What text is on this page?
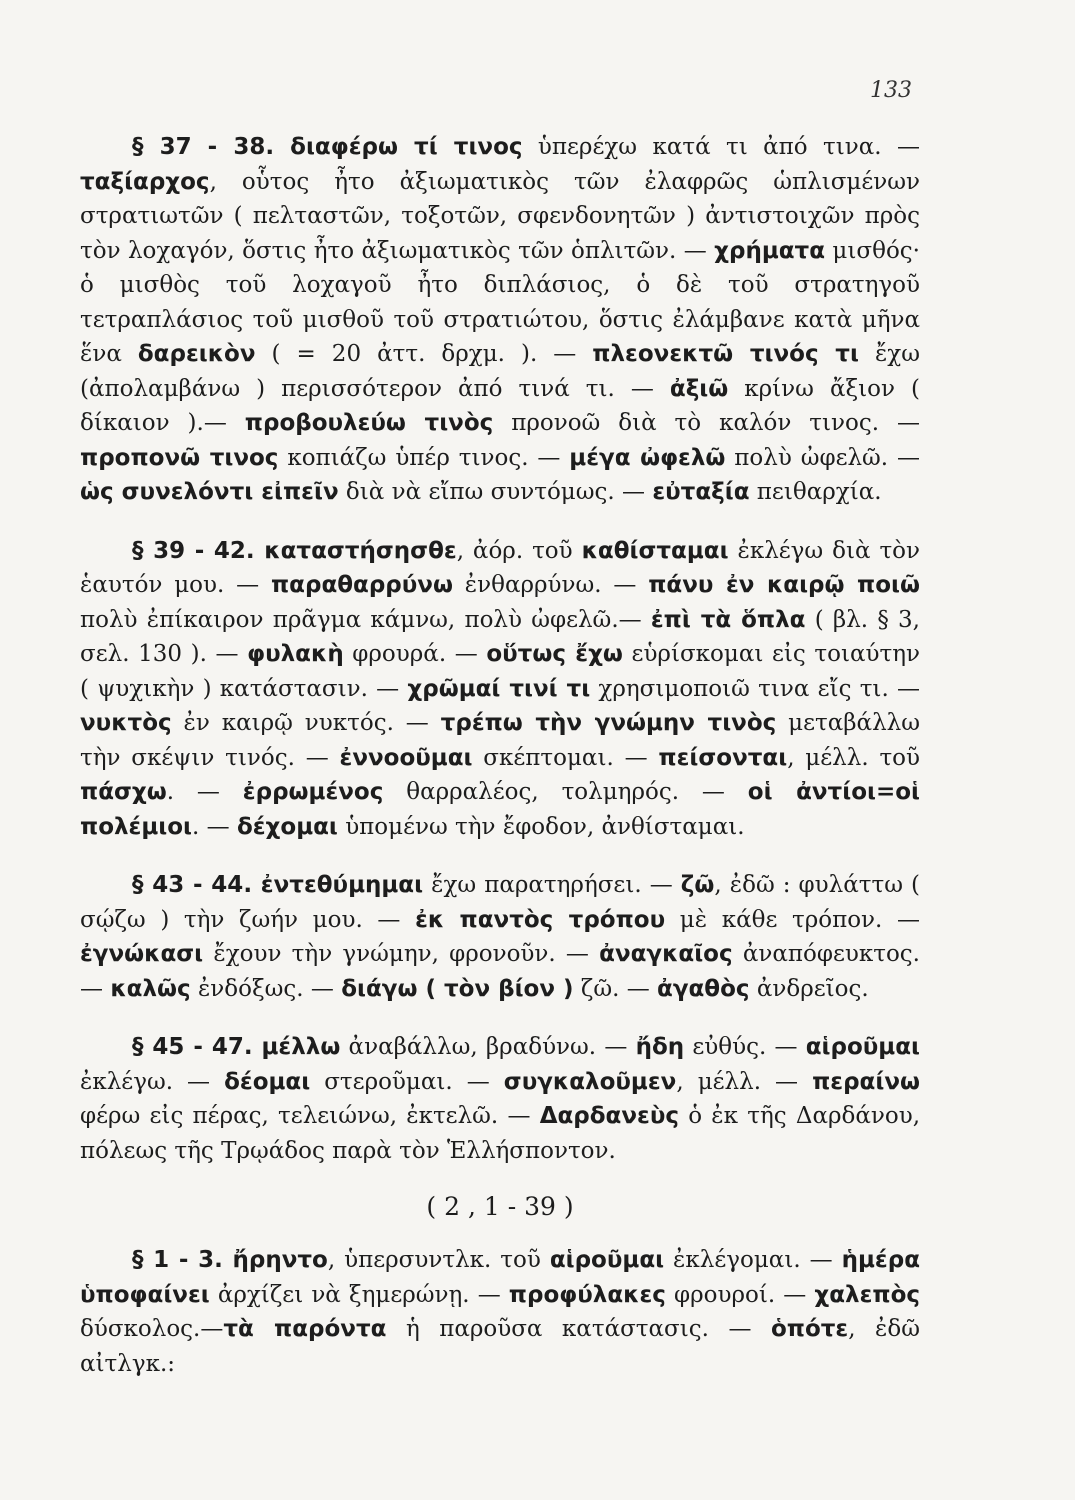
133

§ 37 - 38. διαφέρω τί τινος ὑπερέχω κατά τι ἀπό τινα. — ταξίαρχος, οὗτος ἦτο ἀξιωματικὸς τῶν ἐλαφρῶς ὡπλισμένων στρατιωτῶν ( πελταστῶν, τοξοτῶν, σφενδονητῶν ) ἀντιστοιχῶν πρὸς τὸν λοχαγόν, ὅστις ἦτο ἀξιωματικὸς τῶν ὁπλιτῶν. — χρήματα μισθός· ὁ μισθὸς τοῦ λοχαγοῦ ἦτο διπλάσιος, ὁ δὲ τοῦ στρατηγοῦ τετραπλάσιος τοῦ μισθοῦ τοῦ στρατιώτου, ὅστις ἐλάμβανε κατὰ μῆνα ἕνα δαρεικὸν ( = 20 ἀττ. δρχμ. ). — πλεονεκτῶ τινός τι ἔχω (ἀπολαμβάνω ) περισσότερον ἀπό τινά τι. — ἀξιῶ κρίνω ἄξιον ( δίκαιον ).— προβουλεύω τινὸς προνοῶ διὰ τὸ καλόν τινος. — προπονῶ τινος κοπιάζω ὑπέρ τινος. — μέγα ὠφελῶ πολὺ ὠφελῶ. — ὡς συνελόντι εἰπεῖν διὰ νὰ εἴπω συντόμως. — εὐταξία πειθαρχία.

§ 39 - 42. καταστήσησθε, ἀόρ. τοῦ καθίσταμαι ἐκλέγω διὰ τὸν ἑαυτόν μου. — παραθαρρύνω ἐνθαρρύνω. — πάνυ ἐν καιρῷ ποιῶ πολὺ ἐπίκαιρον πρᾶγμα κάμνω, πολὺ ὠφελῶ.— ἐπὶ τὰ ὅπλα ( βλ. § 3, σελ. 130 ). — φυλακὴ φρουρά. — οὕτως ἔχω εὑρίσκομαι εἰς τοιαύτην ( ψυχικὴν ) κατάστασιν. — χρῶμαί τινί τι χρησιμοποιῶ τινα εἴς τι. — νυκτὸς ἐν καιρῷ νυκτός. — τρέπω τὴν γνώμην τινὸς μεταβάλλω τὴν σκέψιν τινός. — ἐννοοῦμαι σκέπτομαι. — πείσονται, μέλλ. τοῦ πάσχω. — ἐρρωμένος θαρραλέος, τολμηρός. — οἱ ἀντίοι=οἱ πολέμιοι. — δέχομαι ὑπομένω τὴν ἔφοδον, ἀνθίσταμαι.

§ 43 - 44. ἐντεθύμημαι ἔχω παρατηρήσει. — ζῶ, ἐδῶ : φυλάττω ( σῴζω ) τὴν ζωήν μου. — ἐκ παντὸς τρόπου μὲ κάθε τρόπον. — ἐγνώκασι ἔχουν τὴν γνώμην, φρονοῦν. — ἀναγκαῖος ἀναπόφευκτος. — καλῶς ἐνδόξως. — διάγω ( τὸν βίον ) ζῶ. — ἀγαθὸς ἀνδρεῖος.

§ 45 - 47. μέλλω ἀναβάλλω, βραδύνω. — ἤδη εὐθύς. — αἱροῦμαι ἐκλέγω. — δέομαι στεροῦμαι. — συγκαλοῦμεν, μέλλ. — περαίνω φέρω εἰς πέρας, τελειώνω, ἐκτελῶ. — Δαρδανεὺς ὁ ἐκ τῆς Δαρδάνου, πόλεως τῆς Τρῳάδος παρὰ τὸν Ἑλλήσποντον.

( 2 , 1 - 39 )

§ 1 - 3. ἤρηντο, ὑπερσυντλκ. τοῦ αἱροῦμαι ἐκλέγομαι. — ἡμέρα ὑποφαίνει ἀρχίζει νὰ ξημερώνῃ. — προφύλακες φρουροί. — χαλεπὸς δύσκολος.—τὰ παρόντα ἡ παροῦσα κατάστασις. — ὁπότε, ἐδῶ αἰτλγκ.:
